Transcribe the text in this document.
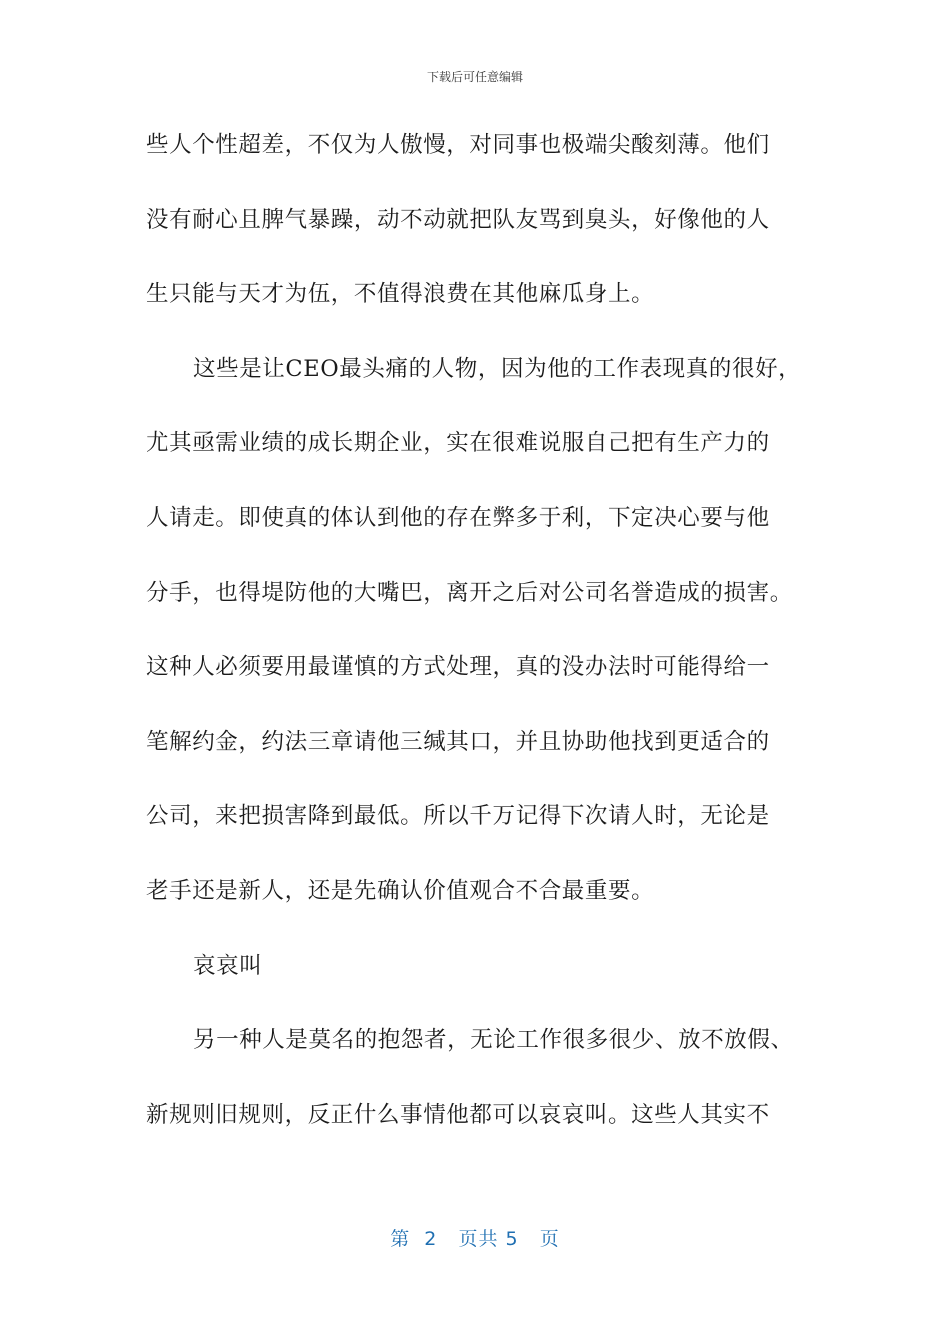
下载后可任意编辑
些人个性超差，不仅为人傲慢，对同事也极端尖酸刻薄。他们
没有耐心且脾气暴躁，动不动就把队友骂到臭头，好像他的人
生只能与天才为伍，不值得浪费在其他麻瓜身上。
这些是让CEO最头痛的人物，因为他的工作表现真的很好，
尤其亟需业绩的成长期企业，实在很难说服自己把有生产力的
人请走。即使真的体认到他的存在弊多于利，下定决心要与他
分手，也得堤防他的大嘴巴，离开之后对公司名誉造成的损害。
这种人必须要用最谨慎的方式处理，真的没办法时可能得给一
笔解约金，约法三章请他三缄其口，并且协助他找到更适合的
公司，来把损害降到最低。所以千万记得下次请人时，无论是
老手还是新人，还是先确认价值观合不合最重要。
哀哀叫
另一种人是莫名的抱怨者，无论工作很多很少、放不放假、
新规则旧规则，反正什么事情他都可以哀哀叫。这些人其实不
第  2   页共 5   页
